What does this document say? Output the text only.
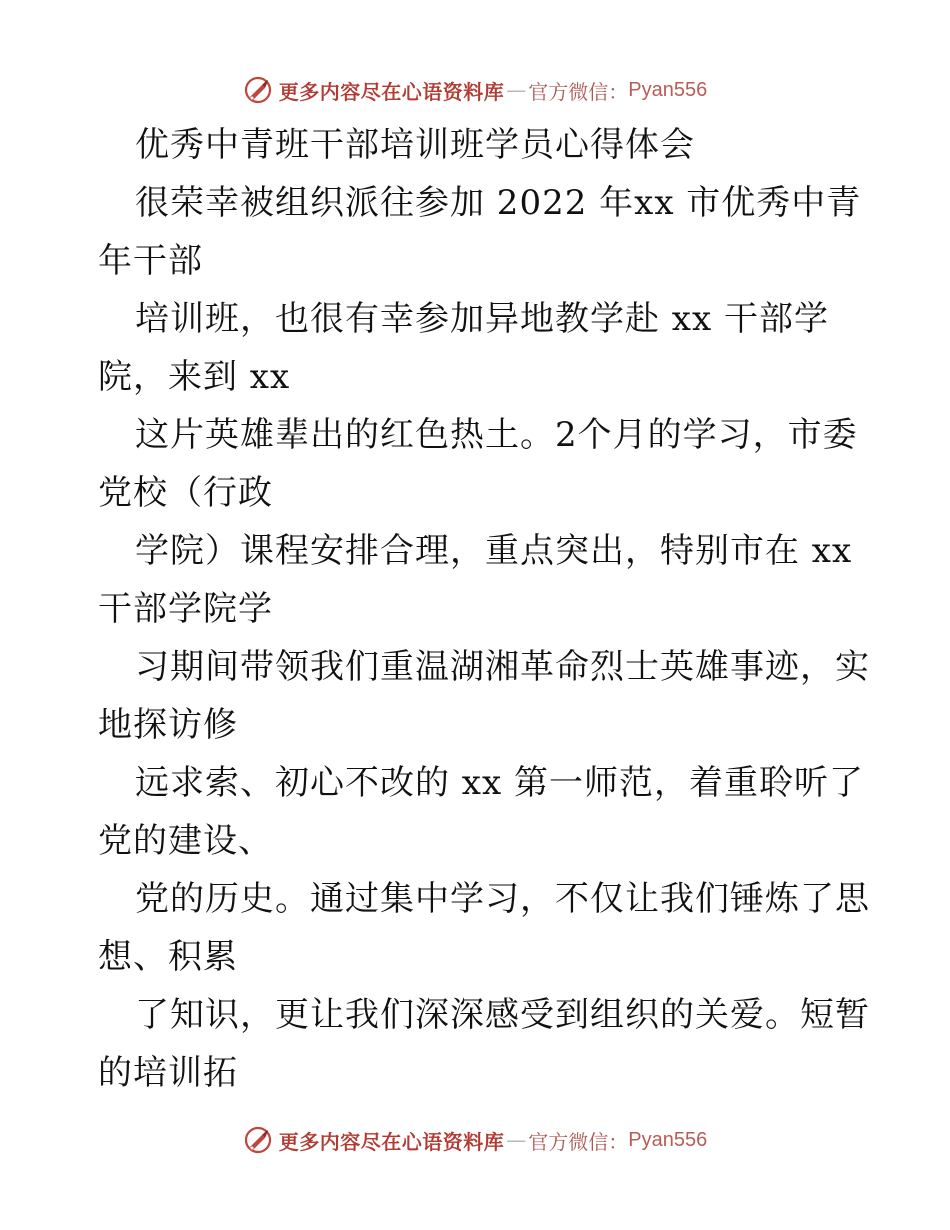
更多内容尽在心语资料库 — 官方微信： Pyan556
优秀中青班干部培训班学员心得体会
很荣幸被组织派往参加 2022 年xx 市优秀中青
年干部
培训班，也很有幸参加异地教学赴 xx 干部学
院，来到 xx
这片英雄辈出的红色热土。2个月的学习，市委
党校（行政
学院）课程安排合理，重点突出，特别市在 xx
干部学院学
习期间带领我们重温湖湘革命烈士英雄事迹，实
地探访修
远求索、初心不改的 xx 第一师范，着重聆听了
党的建设、
党的历史。通过集中学习，不仅让我们锤炼了思
想、积累
了知识，更让我们深深感受到组织的关爱。短暂
的培训拓
更多内容尽在心语资料库 — 官方微信： Pyan556
